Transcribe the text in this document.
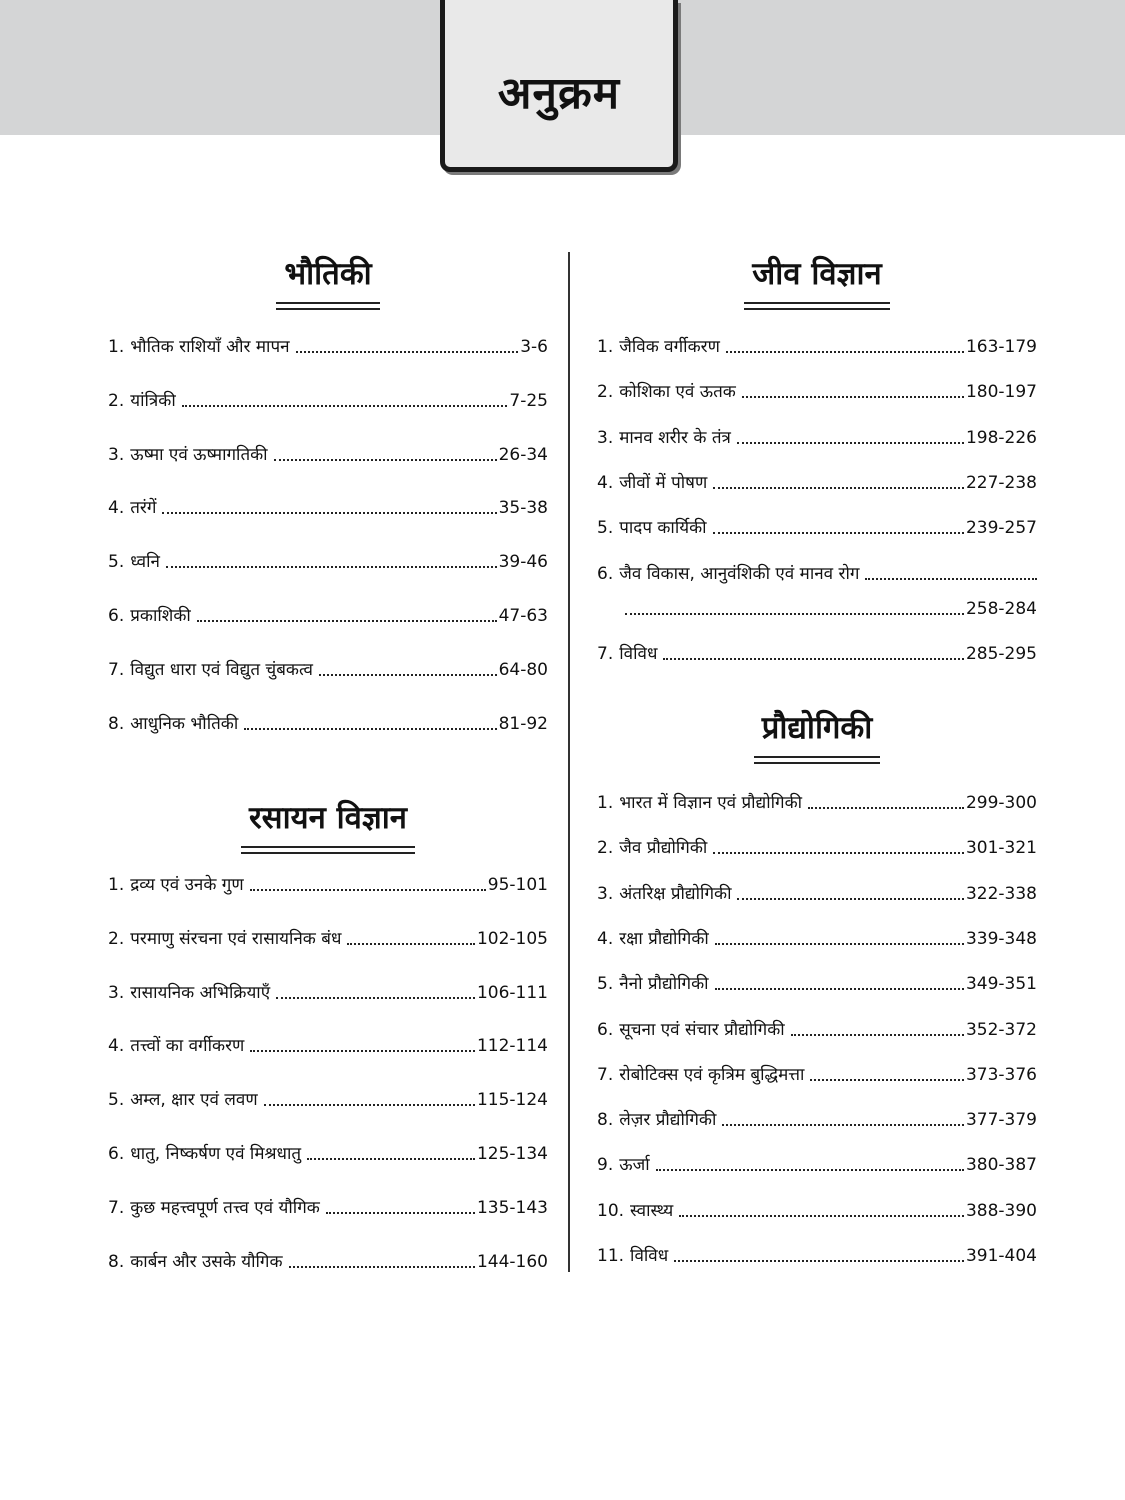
अनुक्रम
भौतिकी
1. भौतिक राशियाँ और मापन	3-6
2. यांत्रिकी	7-25
3. ऊष्मा एवं ऊष्मागतिकी	26-34
4. तरंगें	35-38
5. ध्वनि	39-46
6. प्रकाशिकी	47-63
7. विद्युत धारा एवं विद्युत चुंबकत्व	64-80
8. आधुनिक भौतिकी	81-92
रसायन विज्ञान
1. द्रव्य एवं उनके गुण	95-101
2. परमाणु संरचना एवं रासायनिक बंध	102-105
3. रासायनिक अभिक्रियाएँ	106-111
4. तत्त्वों का वर्गीकरण	112-114
5. अम्ल, क्षार एवं लवण	115-124
6. धातु, निष्कर्षण एवं मिश्रधातु	125-134
7. कुछ महत्त्वपूर्ण तत्त्व एवं यौगिक	135-143
8. कार्बन और उसके यौगिक	144-160
जीव विज्ञान
1. जैविक वर्गीकरण	163-179
2. कोशिका एवं ऊतक	180-197
3. मानव शरीर के तंत्र	198-226
4. जीवों में पोषण	227-238
5. पादप कार्यिकी	239-257
6. जैव विकास, आनुवंशिकी एवं मानव रोग
258-284
7. विविध	285-295
प्रौद्योगिकी
1. भारत में विज्ञान एवं प्रौद्योगिकी	299-300
2. जैव प्रौद्योगिकी	301-321
3. अंतरिक्ष प्रौद्योगिकी	322-338
4. रक्षा प्रौद्योगिकी	339-348
5. नैनो प्रौद्योगिकी	349-351
6. सूचना एवं संचार प्रौद्योगिकी	352-372
7. रोबोटिक्स एवं कृत्रिम बुद्धिमत्ता	373-376
8. लेज़र प्रौद्योगिकी	377-379
9. ऊर्जा	380-387
10. स्वास्थ्य	388-390
11. विविध	391-404
